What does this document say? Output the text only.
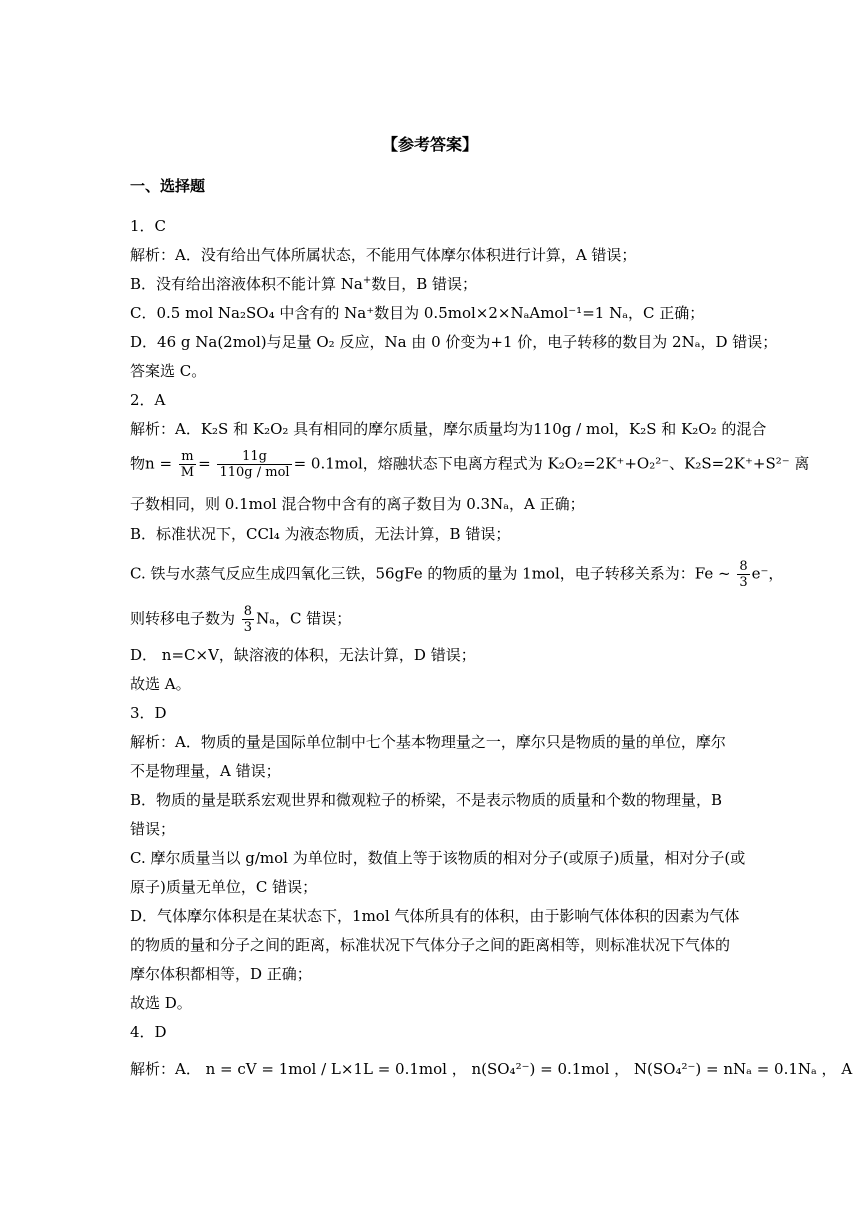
【参考答案】
一、选择题
1．C
解析：A．没有给出气体所属状态，不能用气体摩尔体积进行计算，A 错误；
B．没有给出溶液体积不能计算 Na+数目，B 错误；
C．0.5 mol Na₂SO₄ 中含有的 Na⁺数目为 0.5mol×2×NₐAmol⁻¹=1 Nₐ，C 正确；
D．46 g Na(2mol)与足量 O₂ 反应，Na 由 0 价变为+1 价，电子转移的数目为 2Nₐ，D 错误；
答案选 C。
2．A
解析：A．K₂S 和 K₂O₂ 具有相同的摩尔质量，摩尔质量均为110g / mol，K₂S 和 K₂O₂ 的混合
物$n = \frac{m}{M} = \frac{11g}{\text{110g / mol}} = 0.1mol$，熔融状态下电离方程式为 K₂O₂=2K⁺+O₂²⁻、K₂S=2K⁺+S²⁻ 离
子数相同，则 0.1mol 混合物中含有的离子数目为 0.3Nₐ，A 正确；
B．标准状况下，CCl₄ 为液态物质，无法计算，B 错误；
C. 铁与水蒸气反应生成四氧化三铁，56gFe 的物质的量为 1mol，电子转移关系为：Fe ~ $\frac{8}{3} e^-$，
则转移电子数为 $\frac{8}{3}$ Nₐ，C 错误；
D． n=C×V，缺溶液的体积，无法计算，D 错误；
故选 A。
3．D
解析：A．物质的量是国际单位制中七个基本物理量之一，摩尔只是物质的量的单位，摩尔
不是物理量，A 错误；
B．物质的量是联系宏观世界和微观粒子的桥梁，不是表示物质的质量和个数的物理量，B
错误；
C. 摩尔质量当以 g/mol 为单位时，数值上等于该物质的相对分子(或原子)质量，相对分子(或
原子)质量无单位，C 错误；
D．气体摩尔体积是在某状态下，1mol 气体所具有的体积，由于影响气体体积的因素为气体
的物质的量和分子之间的距离，标准状况下气体分子之间的距离相等，则标准状况下气体的
摩尔体积都相等，D 正确；
故选 D。
4．D
解析：A． n = cV = 1mol / L×1L = 0.1mol ， n(SO₄²⁻) = 0.1mol ， N(SO₄²⁻) = nNₐ = 0.1Nₐ ， A
